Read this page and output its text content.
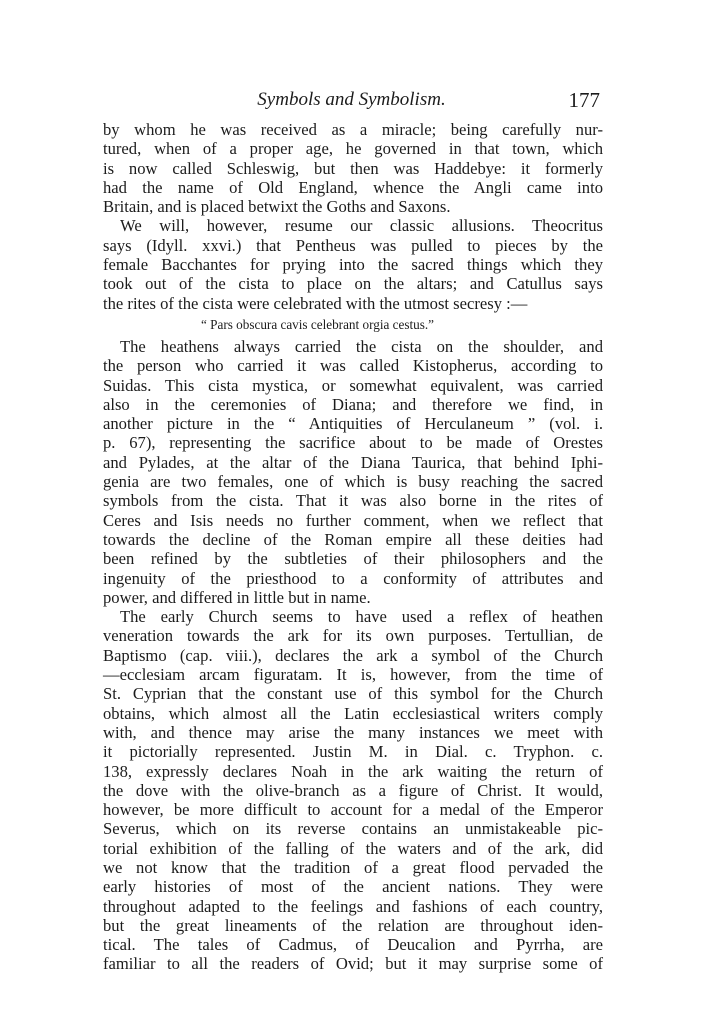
Symbols and Symbolism.	177
by whom he was received as a miracle; being carefully nur-
tured, when of a proper age, he governed in that town, which
is now called Schleswig, but then was Haddebye: it formerly
had the name of Old England, whence the Angli came into
Britain, and is placed betwixt the Goths and Saxons.
We will, however, resume our classic allusions. Theocritus
says (Idyll. xxvi.) that Pentheus was pulled to pieces by the
female Bacchantes for prying into the sacred things which they
took out of the cista to place on the altars; and Catullus says
the rites of the cista were celebrated with the utmost secresy :—
“ Pars obscura cavis celebrant orgia cestus.”
The heathens always carried the cista on the shoulder, and
the person who carried it was called Kistopherus, according to
Suidas. This cista mystica, or somewhat equivalent, was carried
also in the ceremonies of Diana; and therefore we find, in
another picture in the “ Antiquities of Herculaneum ” (vol. i.
p. 67), representing the sacrifice about to be made of Orestes
and Pylades, at the altar of the Diana Taurica, that behind Iphi-
genia are two females, one of which is busy reaching the sacred
symbols from the cista. That it was also borne in the rites of
Ceres and Isis needs no further comment, when we reflect that
towards the decline of the Roman empire all these deities had
been refined by the subtleties of their philosophers and the
ingenuity of the priesthood to a conformity of attributes and
power, and differed in little but in name.
The early Church seems to have used a reflex of heathen
veneration towards the ark for its own purposes. Tertullian, de
Baptismo (cap. viii.), declares the ark a symbol of the Church
—ecclesiam arcam figuratam. It is, however, from the time of
St. Cyprian that the constant use of this symbol for the Church
obtains, which almost all the Latin ecclesiastical writers comply
with, and thence may arise the many instances we meet with
it pictorially represented. Justin M. in Dial. c. Tryphon. c.
138, expressly declares Noah in the ark waiting the return of
the dove with the olive-branch as a figure of Christ. It would,
however, be more difficult to account for a medal of the Emperor
Severus, which on its reverse contains an unmistakeable pic-
torial exhibition of the falling of the waters and of the ark, did
we not know that the tradition of a great flood pervaded the
early histories of most of the ancient nations. They were
throughout adapted to the feelings and fashions of each country,
but the great lineaments of the relation are throughout iden-
tical. The tales of Cadmus, of Deucalion and Pyrrha, are
familiar to all the readers of Ovid; but it may surprise some of
